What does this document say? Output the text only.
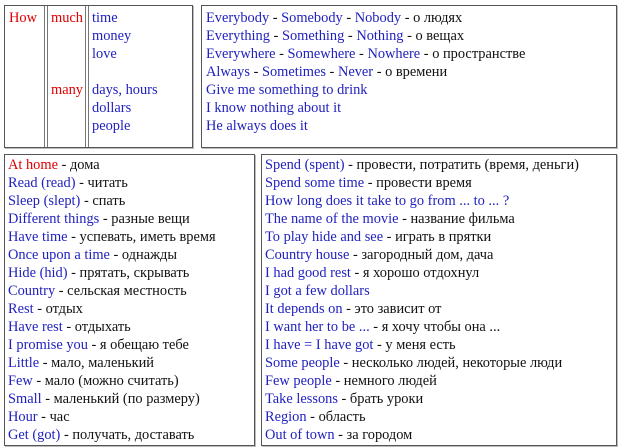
How much
many
time
money
love
days, hours
dollars
people
Everybody - Somebody - Nobody - о людях
Everything - Something - Nothing - о вещах
Everywhere - Somewhere - Nowhere - о пространстве
Always - Sometimes - Never - о времени
Give me something to drink
I know nothing about it
He always does it
At home - дома
Read (read) - читать
Sleep (slept) - спать
Different things - разные вещи
Have time - успевать, иметь время
Once upon a time - однажды
Hide (hid) - прятать, скрывать
Country - сельская местность
Rest - отдых
Have rest - отдыхать
I promise you - я обещаю тебе
Little - мало, маленький
Few - мало (можно считать)
Small - маленький (по размеру)
Hour - час
Get (got) - получать, доставать
Spend (spent) - провести, потратить (время, деньги)
Spend some time - провести время
How long does it take to go from ... to ... ?
The name of the movie - название фильма
To play hide and see - играть в прятки
Country house - загородный дом, дача
I had good rest - я хорошо отдохнул
I got a few dollars
It depends on - это зависит от
I want her to be ... - я хочу чтобы она ...
I have = I have got - у меня есть
Some people - несколько людей, некоторые люди
Few people - немного людей
Take lessons - брать уроки
Region - область
Out of town - за городом
